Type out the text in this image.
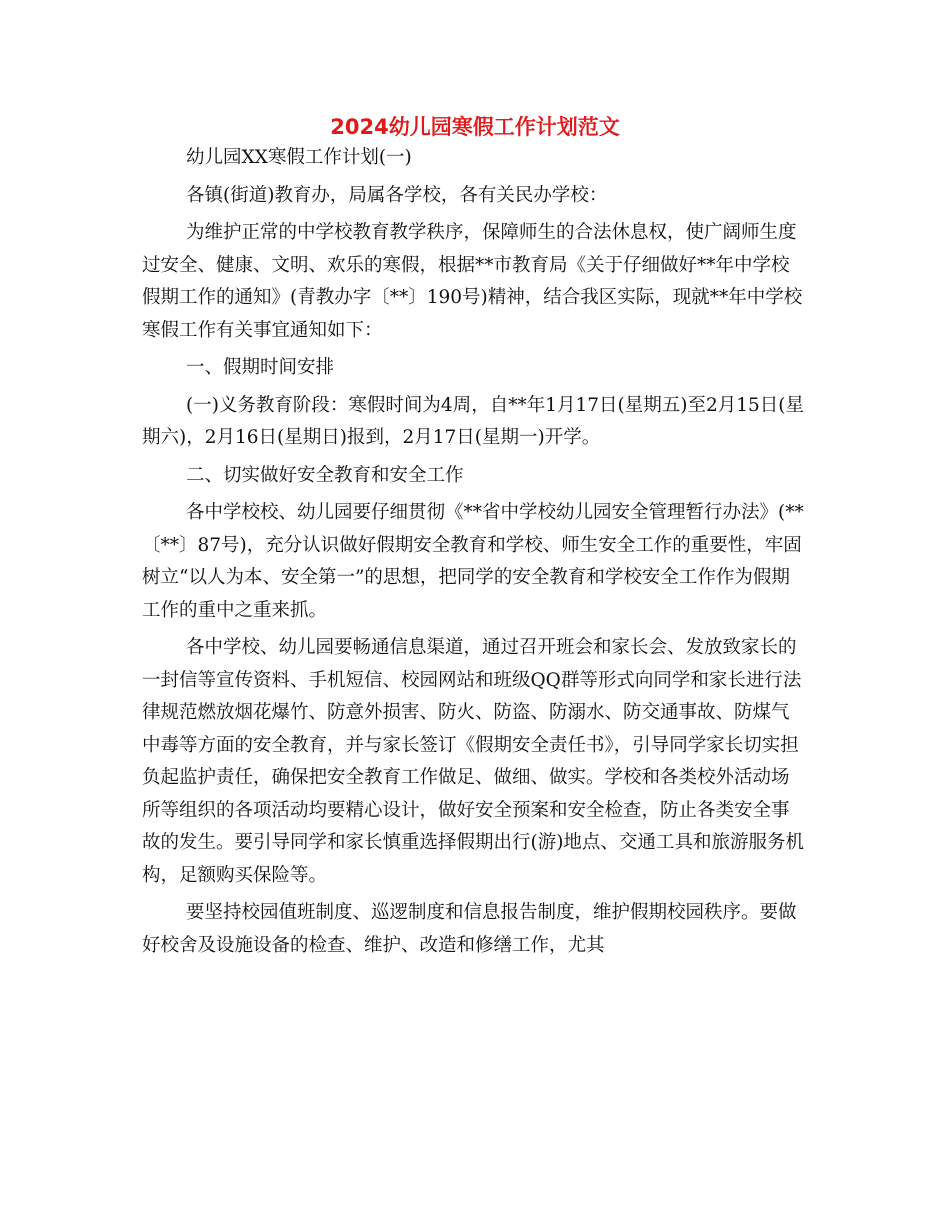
2024幼儿园寒假工作计划范文

幼儿园XX寒假工作计划(一)

各镇(街道)教育办，局属各学校，各有关民办学校：

为维护正常的中学校教育教学秩序，保障师生的合法休息权，使广阔师生度过安全、健康、文明、欢乐的寒假，根据**市教育局《关于仔细做好**年中学校假期工作的通知》(青教办字〔**〕190号)精神，结合我区实际，现就**年中学校寒假工作有关事宜通知如下：

一、假期时间安排

(一)义务教育阶段：寒假时间为4周，自**年1月17日(星期五)至2月15日(星期六)，2月16日(星期日)报到，2月17日(星期一)开学。

二、切实做好安全教育和安全工作

各中学校校、幼儿园要仔细贯彻《**省中学校幼儿园安全管理暂行办法》(**〔**〕87号)，充分认识做好假期安全教育和学校、师生安全工作的重要性，牢固树立“以人为本、安全第一”的思想，把同学的安全教育和学校安全工作作为假期工作的重中之重来抓。

各中学校、幼儿园要畅通信息渠道，通过召开班会和家长会、发放致家长的一封信等宣传资料、手机短信、校园网站和班级QQ群等形式向同学和家长进行法律规范燃放烟花爆竹、防意外损害、防火、防盗、防溺水、防交通事故、防煤气中毒等方面的安全教育，并与家长签订《假期安全责任书》，引导同学家长切实担负起监护责任，确保把安全教育工作做足、做细、做实。学校和各类校外活动场所等组织的各项活动均要精心设计，做好安全预案和安全检查，防止各类安全事故的发生。要引导同学和家长慎重选择假期出行(游)地点、交通工具和旅游服务机构，足额购买保险等。

要坚持校园值班制度、巡逻制度和信息报告制度，维护假期校园秩序。要做好校舍及设施设备的检查、维护、改造和修缮工作，尤其
